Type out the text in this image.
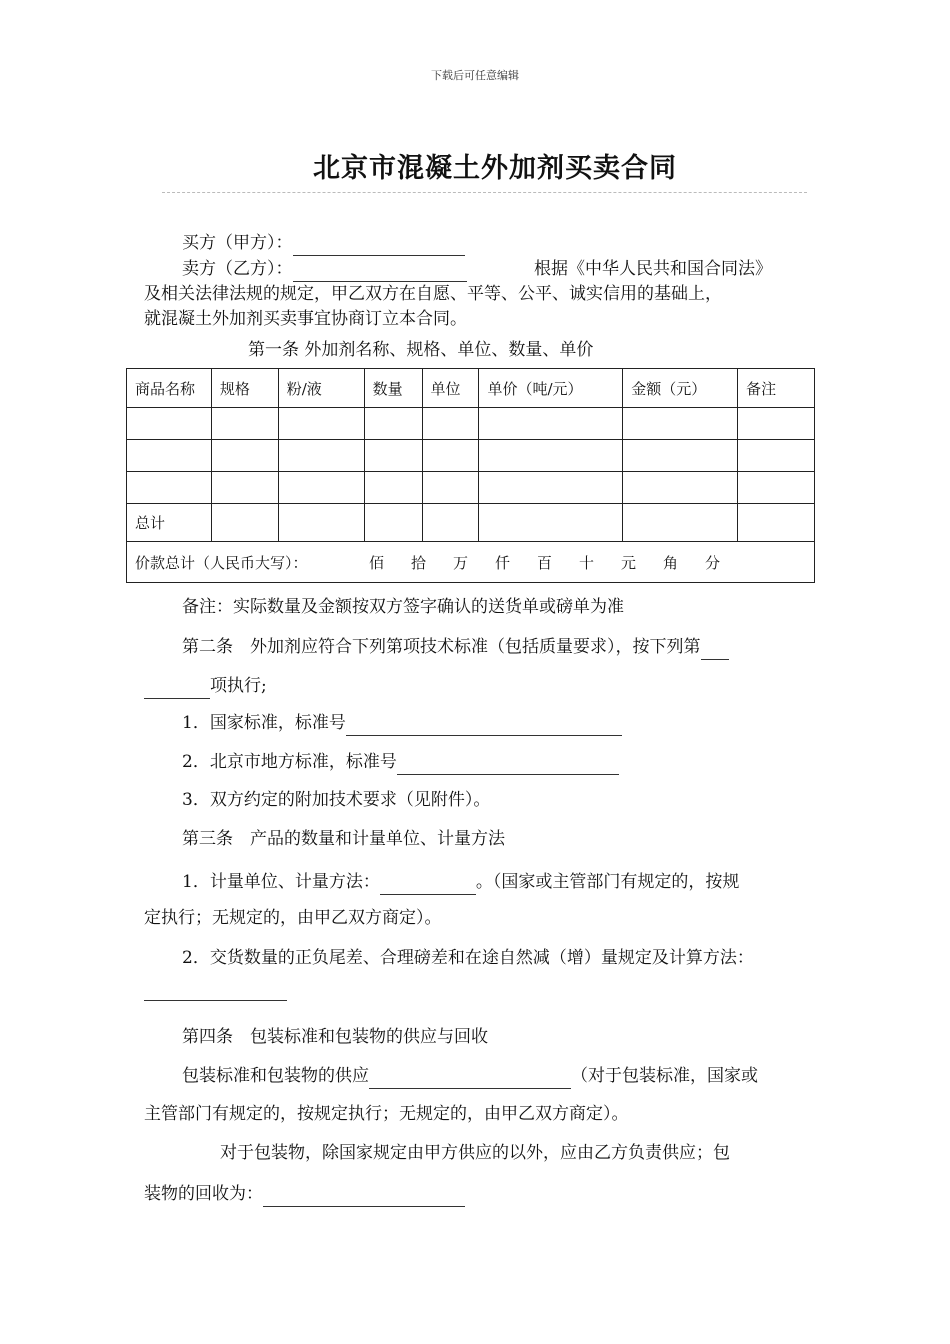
下载后可任意编辑
北京市混凝土外加剂买卖合同
买方（甲方）：
卖方（乙方）：	根据《中华人民共和国合同法》
及相关法律法规的规定，甲乙双方在自愿、平等、公平、诚实信用的基础上，
就混凝土外加剂买卖事宜协商订立本合同。
第一条 外加剂名称、规格、单位、数量、单价
商品名称	规格	粉/液	数量	单位	单价（吨/元）	金额（元）	备注

总计							
价款总计（人民币大写）： 佰 拾 万 仟 百 十 元 角 分							
备注：实际数量及金额按双方签字确认的送货单或磅单为准
第二条　外加剂应符合下列第项技术标准（包括质量要求），按下列第
项执行;
1．国家标准，标准号
2．北京市地方标准，标准号
3．双方约定的附加技术要求（见附件）。
第三条　产品的数量和计量单位、计量方法
1．计量单位、计量方法：	。（国家或主管部门有规定的，按规
定执行；无规定的，由甲乙双方商定）。
2．交货数量的正负尾差、合理磅差和在途自然减（增）量规定及计算方法：
第四条　包装标准和包装物的供应与回收
包装标准和包装物的供应	（对于包装标准，国家或
主管部门有规定的，按规定执行；无规定的，由甲乙双方商定）。
对于包装物，除国家规定由甲方供应的以外，应由乙方负责供应；包
装物的回收为：
